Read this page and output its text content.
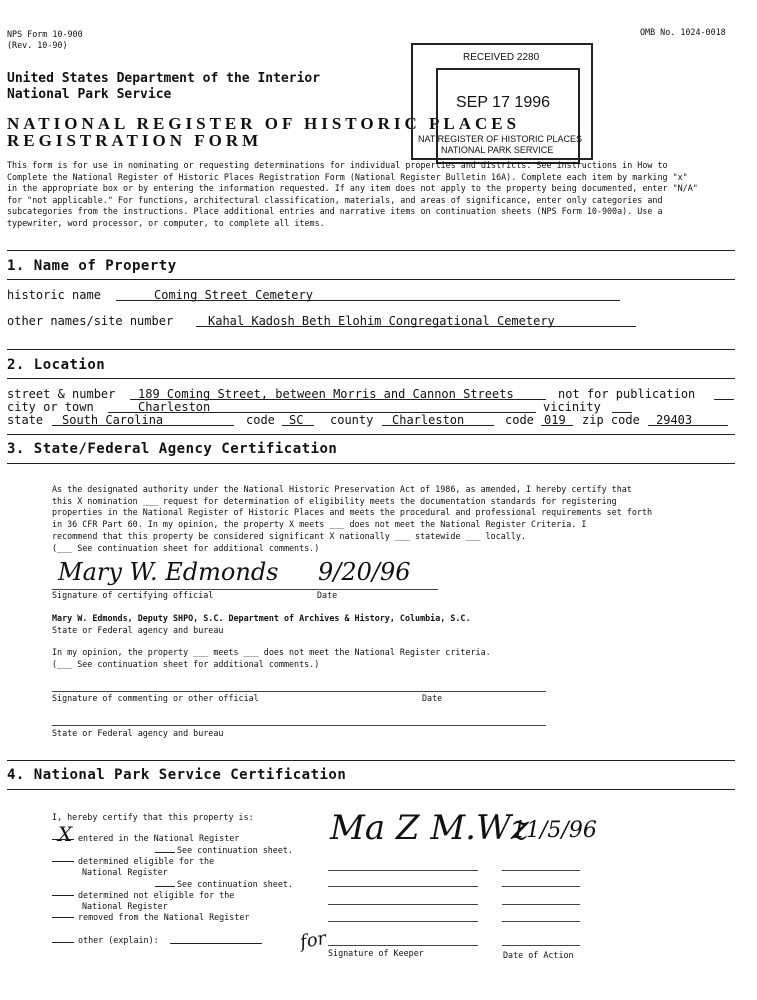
NPS Form 10-900
(Rev. 10-90)
OMB No. 1024-0018
United States Department of the Interior
National Park Service
NATIONAL REGISTER OF HISTORIC PLACES
REGISTRATION FORM
RECEIVED 2280
SEP 17 1996
NAT REGISTER OF HISTORIC PLACES
NATIONAL PARK SERVICE
This form is for use in nominating or requesting determinations for individual properties and districts. See instructions in How to
Complete the National Register of Historic Places Registration Form (National Register Bulletin 16A). Complete each item by marking "x"
in the appropriate box or by entering the information requested. If any item does not apply to the property being documented, enter "N/A"
for "not applicable." For functions, architectural classification, materials, and areas of significance, enter only categories and
subcategories from the instructions. Place additional entries and narrative items on continuation sheets (NPS Form 10-900a). Use a
typewriter, word processor, or computer, to complete all items.
1. Name of Property
historic name	Coming Street Cemetery
other names/site number	Kahal Kadosh Beth Elohim Congregational Cemetery
2. Location
street & number 189 Coming Street, between Morris and Cannon Streets	not for publication
city or town	Charleston	vicinity
state South Carolina	code SC county Charleston	code 019 zip code 29403
3. State/Federal Agency Certification
As the designated authority under the National Historic Preservation Act of 1986, as amended, I hereby certify that
this X nomination ___ request for determination of eligibility meets the documentation standards for registering
properties in the National Register of Historic Places and meets the procedural and professional requirements set forth
in 36 CFR Part 60. In my opinion, the property X meets ___ does not meet the National Register Criteria. I
recommend that this property be considered significant X nationally ___ statewide ___ locally.
(___ See continuation sheet for additional comments.)
Mary W. Edmonds 9/20/96
Signature of certifying official	Date
Mary W. Edmonds, Deputy SHPO, S.C. Department of Archives & History, Columbia, S.C.
State or Federal agency and bureau
In my opinion, the property ___ meets ___ does not meet the National Register criteria.
(___ See continuation sheet for additional comments.)
Signature of commenting or other official	Date
State or Federal agency and bureau
4. National Park Service Certification
I, hereby certify that this property is:
X entered in the National Register
See continuation sheet.
determined eligible for the
National Register
See continuation sheet.
determined not eligible for the
National Register
removed from the National Register
other (explain):
Ma Z M.Wz
11/5/96
for Signature of Keeper	Date of Action
